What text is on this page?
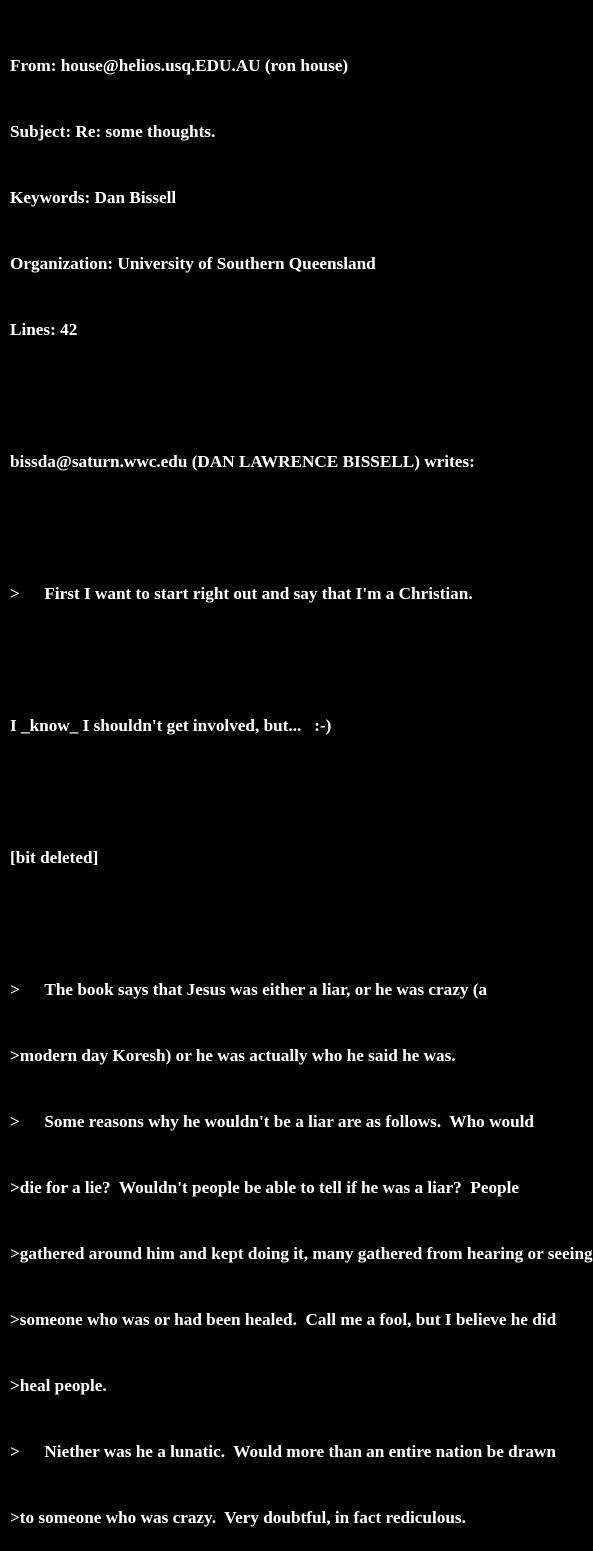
From: house@helios.usq.EDU.AU (ron house)

Subject: Re: some thoughts.

Keywords: Dan Bissell

Organization: University of Southern Queensland

Lines: 42

bissda@saturn.wwc.edu (DAN LAWRENCE BISSELL) writes:

>	First I want to start right out and say that I'm a Christian.

I _know_ I shouldn't get involved, but...   :-)

[bit deleted]

>	The book says that Jesus was either a liar, or he was crazy (a

>modern day Koresh) or he was actually who he said he was.

>	Some reasons why he wouldn't be a liar are as follows.  Who would

>die for a lie?  Wouldn't people be able to tell if he was a liar?  People

>gathered around him and kept doing it, many gathered from hearing or seeing

>someone who was or had been healed.  Call me a fool, but I believe he did

>heal people.

>	Niether was he a lunatic.  Would more than an entire nation be drawn

>to someone who was crazy.  Very doubtful, in fact rediculous.
